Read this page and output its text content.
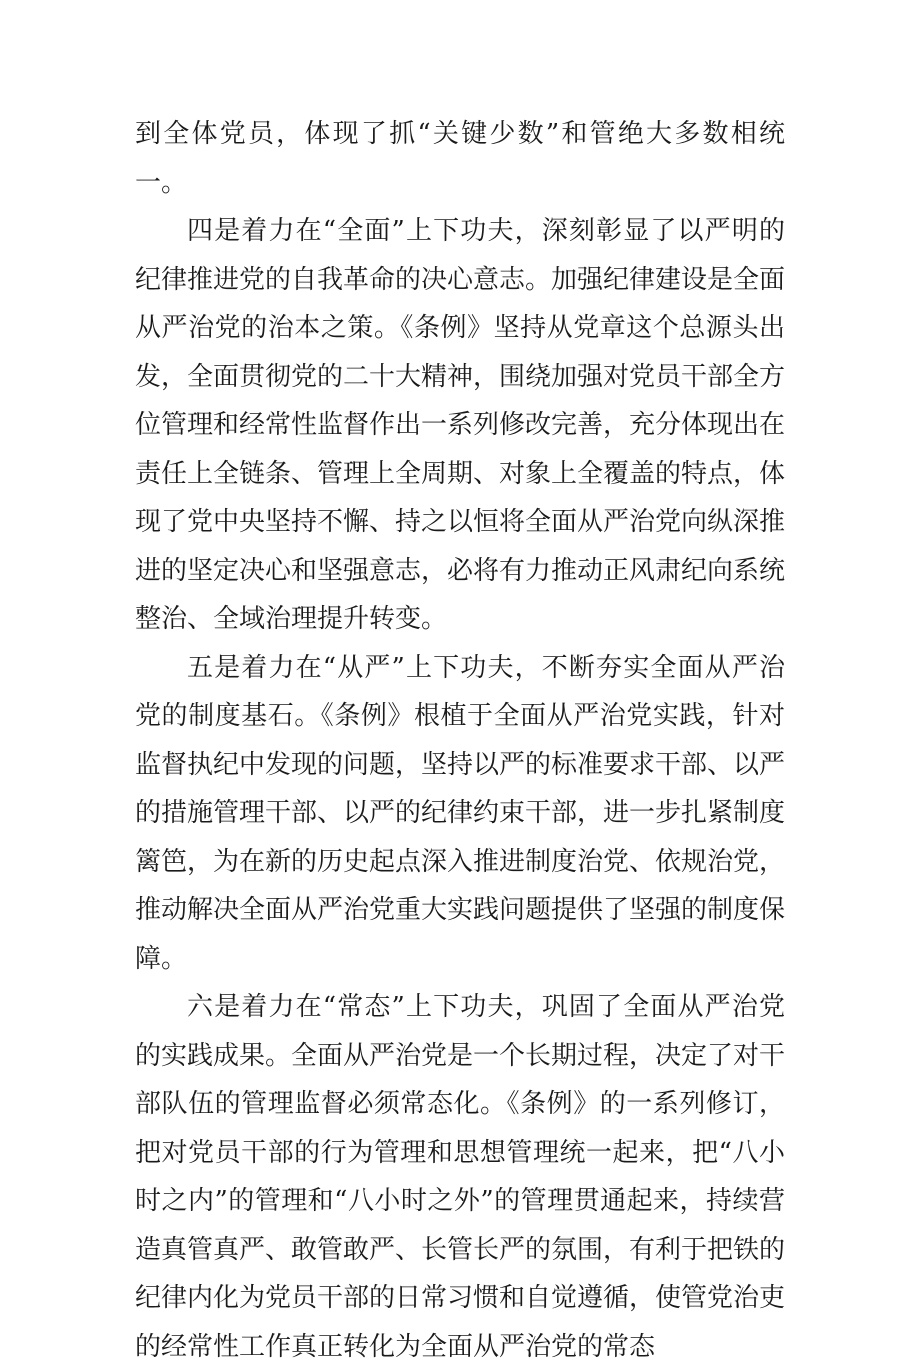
到全体党员，体现了抓“关键少数”和管绝大多数相统一。

四是着力在“全面”上下功夫，深刻彰显了以严明的纪律推进党的自我革命的决心意志。加强纪律建设是全面从严治党的治本之策。《条例》坚持从党章这个总源头出发，全面贯彻党的二十大精神，围绕加强对党员干部全方位管理和经常性监督作出一系列修改完善，充分体现出在责任上全链条、管理上全周期、对象上全覆盖的特点，体现了党中央坚持不懈、持之以恒将全面从严治党向纵深推进的坚定决心和坚强意志，必将有力推动正风肃纪向系统整治、全域治理提升转变。

五是着力在“从严”上下功夫，不断夯实全面从严治党的制度基石。《条例》根植于全面从严治党实践，针对监督执纪中发现的问题，坚持以严的标准要求干部、以严的措施管理干部、以严的纪律约束干部，进一步扎紧制度篱笆，为在新的历史起点深入推进制度治党、依规治党，推动解决全面从严治党重大实践问题提供了坚强的制度保障。

六是着力在“常态”上下功夫，巩固了全面从严治党的实践成果。全面从严治党是一个长期过程，决定了对干部队伍的管理监督必须常态化。《条例》的一系列修订，把对党员干部的行为管理和思想管理统一起来，把“八小时之内”的管理和“八小时之外”的管理贯通起来，持续营造真管真严、敢管敢严、长管长严的氛围，有利于把铁的纪律内化为党员干部的日常习惯和自觉遵循，使管党治吏的经常性工作真正转化为全面从严治党的常态
